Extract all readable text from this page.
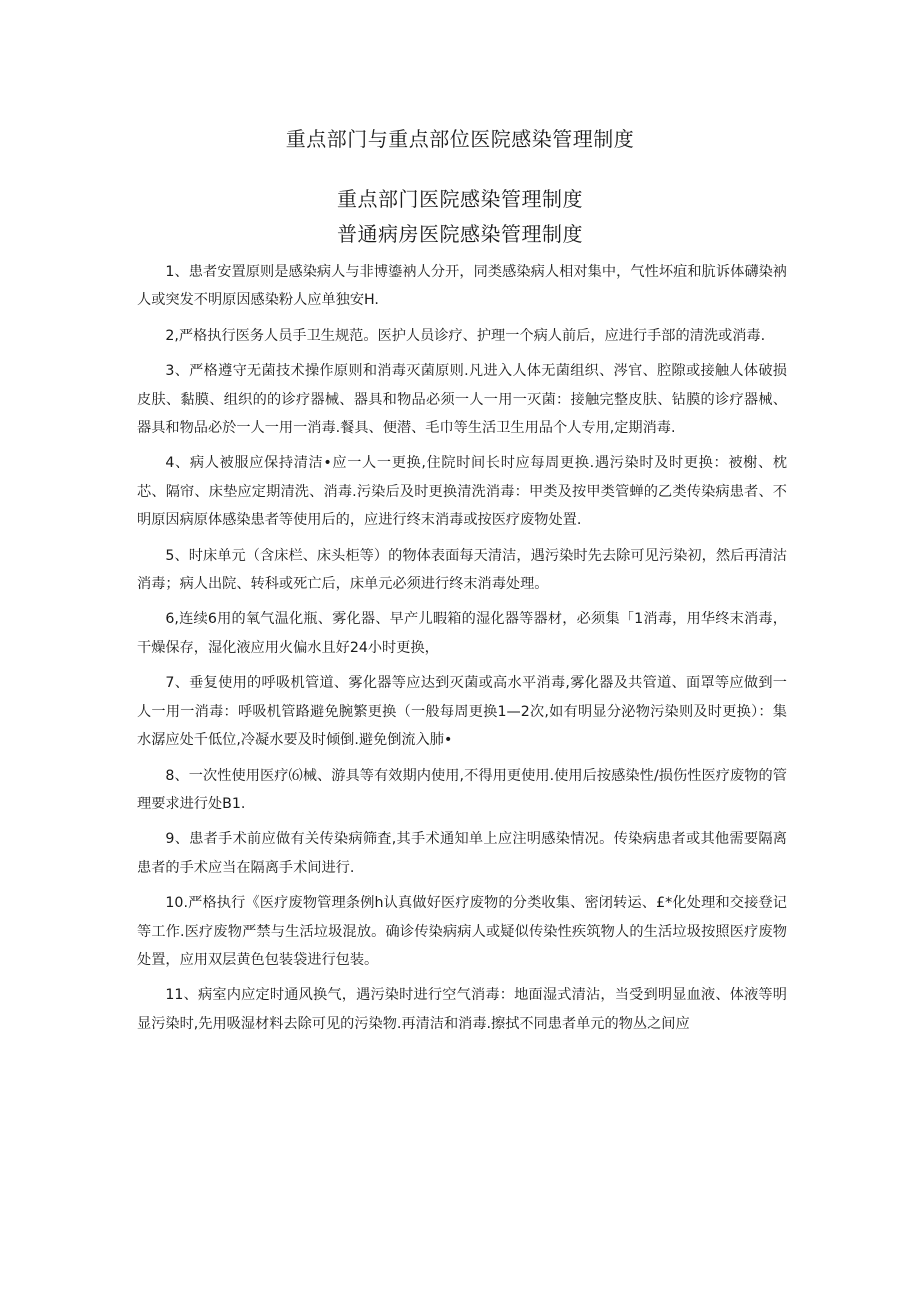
重点部门与重点部位医院感染管理制度
重点部门医院感染管理制度
普通病房医院感染管理制度

1、患者安置原则是感染病人与非博鎏衲人分开，同类感染病人相对集中，气性坏疽和肮诉体礴染衲人或突发不明原因感染粉人应单独安H.

2,严格执行医务人员手卫生规范。医护人员诊疗、护理一个病人前后，应进行手部的清洗或消毒.

3、严格遵守无菌技术操作原则和消毒灭菌原则.凡进入人体无菌组织、涔官、腔隙或接触人体破损皮肤、黏膜、组织的的诊疗器械、器具和物品必须一人一用一灭菌：接触完整皮肤、钻膜的诊疗器械、器具和物品必於一人一用一消毒.餐具、便潜、毛巾等生活卫生用品个人专用,定期消毒.

4、病人被服应保持清洁•应一人一更换,住院时间长时应每周更换.遇污染时及时更换：被榭、枕芯、隔帘、床垫应定期清洗、消毒.污染后及时更换清洗消毒：甲类及按甲类管蝉的乙类传染病患者、不明原因病原体感染患者等使用后的，应进行终末消毒或按医疗废物处置.

5、时床单元（含床栏、床头柜等）的物体表面每天清洁，遇污染时先去除可见污染初，然后再清沽消毒；病人出院、转科或死亡后，床单元必须进行终末消毒处理。

6,连续6用的氧气温化瓶、雾化器、早产儿暇箱的湿化器等器材，必须集「1消毒，用华终末消毒，干燥保存，湿化液应用火偏水且好24小时更换，

7、垂复使用的呼吸机管道、雾化器等应达到灭菌或高水平消毒,雾化器及共管道、面罩等应做到一人一用一消毒：呼吸机管路避免腕繁更换（一般每周更换1—2次,如有明显分泌物污染则及时更换）：集水潺应处千低位,冷凝水要及时倾倒.避免倒流入肺•

8、一次性使用医疗⑹械、游具等有效期内使用,不得用更使用.使用后按感染性/损伤性医疗废物的管理要求进行处B1.

9、患者手术前应做有关传染病筛査,其手术通知单上应注明感染情况。传染病患者或其他需要隔离患者的手术应当在隔离手术间进行.

10.严格执行《医疗废物管理条例h认真做好医疗废物的分类收集、密闭转运、£*化处理和交接登记等工作.医疗废物严禁与生活垃圾混放。确诊传染病病人或疑似传染性疾筑物人的生活垃圾按照医疗废物处置，应用双层黄色包装袋进行包装。

11、病室内应定时通风换气，遇污染时进行空气消毒：地面湿式清沾，当受到明显血液、体液等明显污染时,先用吸湿材料去除可见的污染物.再清洁和消毒.擦拭不同患者单元的物丛之间应
